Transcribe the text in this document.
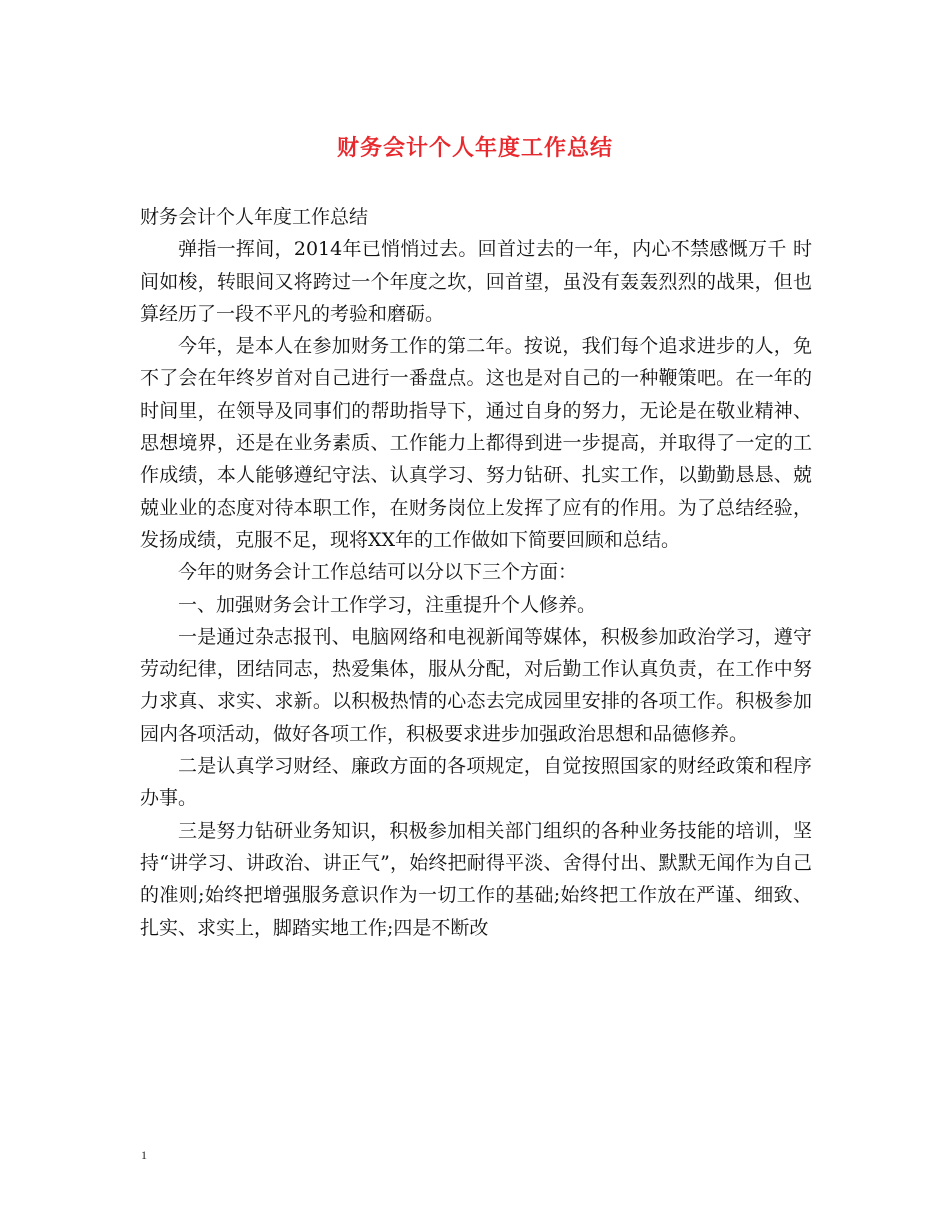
财务会计个人年度工作总结

财务会计个人年度工作总结

弹指一挥间，2014年已悄悄过去。回首过去的一年，内心不禁感慨万千 时间如梭，转眼间又将跨过一个年度之坎，回首望，虽没有轰轰烈烈的战果，但也算经历了一段不平凡的考验和磨砺。

今年，是本人在参加财务工作的第二年。按说，我们每个追求进步的人，免不了会在年终岁首对自己进行一番盘点。这也是对自己的一种鞭策吧。在一年的时间里，在领导及同事们的帮助指导下，通过自身的努力，无论是在敬业精神、思想境界，还是在业务素质、工作能力上都得到进一步提高，并取得了一定的工作成绩，本人能够遵纪守法、认真学习、努力钻研、扎实工作，以勤勤恳恳、兢兢业业的态度对待本职工作，在财务岗位上发挥了应有的作用。为了总结经验，发扬成绩，克服不足，现将XX年的工作做如下简要回顾和总结。

今年的财务会计工作总结可以分以下三个方面：

一、加强财务会计工作学习，注重提升个人修养。

一是通过杂志报刊、电脑网络和电视新闻等媒体，积极参加政治学习，遵守劳动纪律，团结同志，热爱集体，服从分配，对后勤工作认真负责，在工作中努力求真、求实、求新。以积极热情的心态去完成园里安排的各项工作。积极参加园内各项活动，做好各项工作，积极要求进步加强政治思想和品德修养。

二是认真学习财经、廉政方面的各项规定，自觉按照国家的财经政策和程序办事。

三是努力钻研业务知识，积极参加相关部门组织的各种业务技能的培训，坚持“讲学习、讲政治、讲正气”，始终把耐得平淡、舍得付出、默默无闻作为自己的准则;始终把增强服务意识作为一切工作的基础;始终把工作放在严谨、细致、扎实、求实上，脚踏实地工作;四是不断改

1
